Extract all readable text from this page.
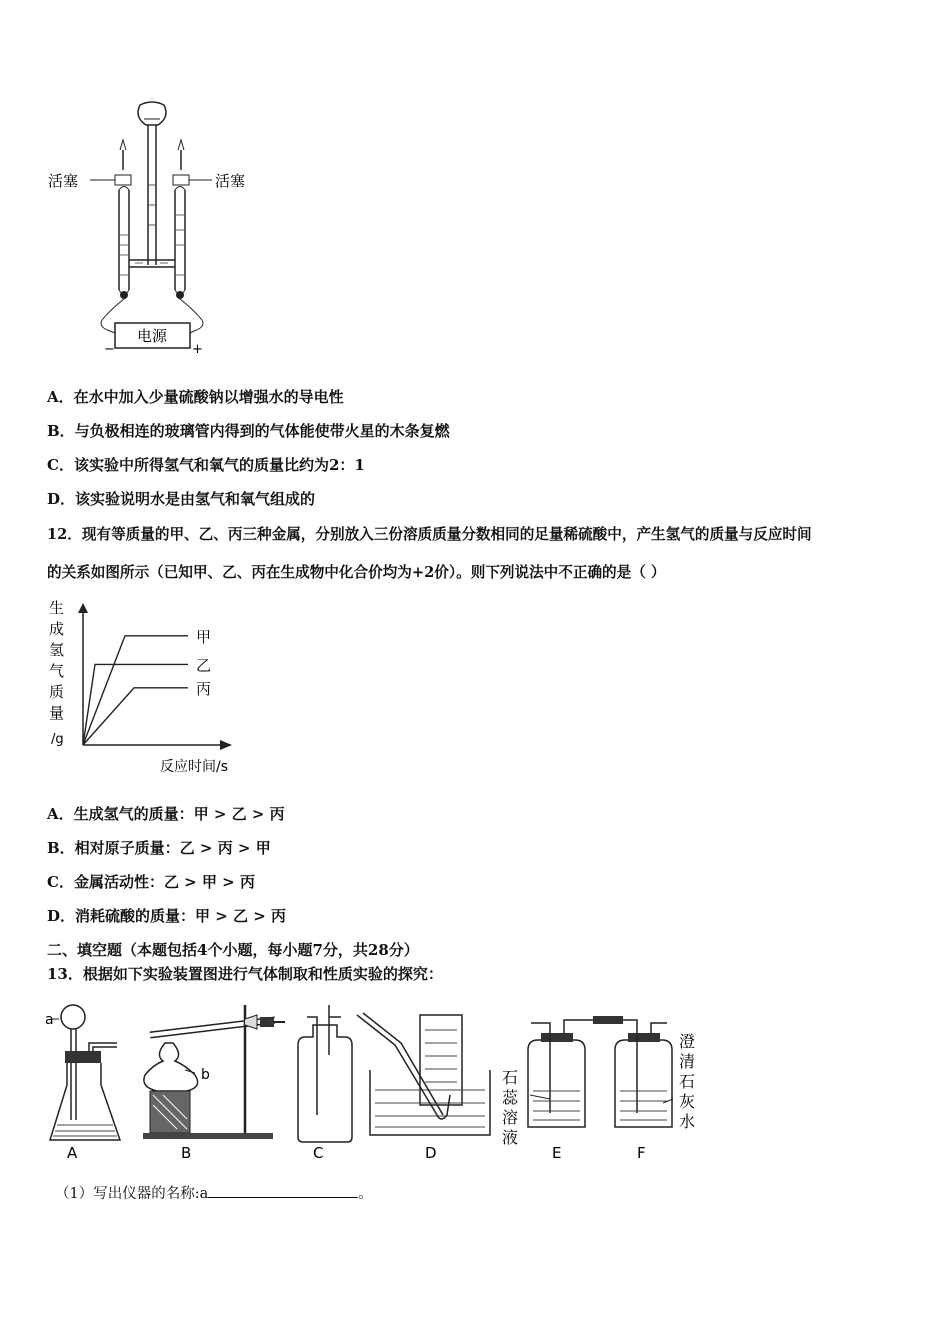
活塞	活塞
电源
−	+
A．在水中加入少量硫酸钠以增强水的导电性
B．与负极相连的玻璃管内得到的气体能使带火星的木条复燃
C．该实验中所得氢气和氧气的质量比约为2：1
D．该实验说明水是由氢气和氧气组成的
12．现有等质量的甲、乙、丙三种金属，分别放入三份溶质质量分数相同的足量稀硫酸中，产生氢气的质量与反应时间
的关系如图所示（已知甲、乙、丙在生成物中化合价均为+2价）。则下列说法中不正确的是（ ）
生
成
氢
气
质
量
/g
甲
乙
丙
反应时间/s
A．生成氢气的质量：甲 > 乙 > 丙
B．相对原子质量：乙 > 丙 > 甲
C．金属活动性：乙 > 甲 > 丙
D．消耗硫酸的质量：甲 > 乙 > 丙
二、填空题（本题包括4个小题，每小题7分，共28分）
13．根据如下实验装置图进行气体制取和性质实验的探究：
a
b
A	B	C	D	E	F
石
蕊
溶
液
澄
清
石
灰
水
（1）写出仪器的名称:a	。
